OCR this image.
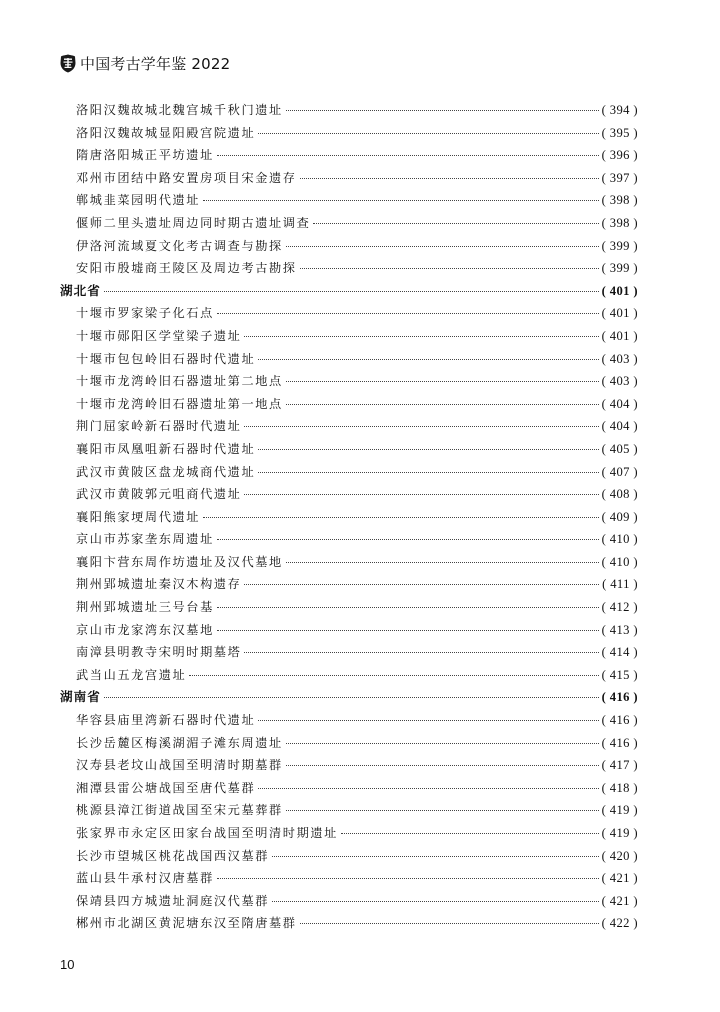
中国考古学年鉴 2022
洛阳汉魏故城北魏宫城千秋门遗址	( 394 )
洛阳汉魏故城显阳殿宫院遗址	( 395 )
隋唐洛阳城正平坊遗址	( 396 )
邓州市团结中路安置房项目宋金遗存	( 397 )
郸城韭菜园明代遗址	( 398 )
偃师二里头遗址周边同时期古遗址调查	( 398 )
伊洛河流域夏文化考古调查与勘探	( 399 )
安阳市殷墟商王陵区及周边考古勘探	( 399 )
湖北省	( 401 )
十堰市罗家梁子化石点	( 401 )
十堰市郧阳区学堂梁子遗址	( 401 )
十堰市包包岭旧石器时代遗址	( 403 )
十堰市龙湾岭旧石器遗址第二地点	( 403 )
十堰市龙湾岭旧石器遗址第一地点	( 404 )
荆门屈家岭新石器时代遗址	( 404 )
襄阳市凤凰咀新石器时代遗址	( 405 )
武汉市黄陂区盘龙城商代遗址	( 407 )
武汉市黄陂郭元咀商代遗址	( 408 )
襄阳熊家埂周代遗址	( 409 )
京山市苏家垄东周遗址	( 410 )
襄阳卞营东周作坊遗址及汉代墓地	( 410 )
荆州郢城遗址秦汉木构遗存	( 411 )
荆州郢城遗址三号台基	( 412 )
京山市龙家湾东汉墓地	( 413 )
南漳县明教寺宋明时期墓塔	( 414 )
武当山五龙宫遗址	( 415 )
湖南省	( 416 )
华容县庙里湾新石器时代遗址	( 416 )
长沙岳麓区梅溪湖湄子滩东周遗址	( 416 )
汉寿县老坟山战国至明清时期墓群	( 417 )
湘潭县雷公塘战国至唐代墓群	( 418 )
桃源县漳江街道战国至宋元墓葬群	( 419 )
张家界市永定区田家台战国至明清时期遗址	( 419 )
长沙市望城区桃花战国西汉墓群	( 420 )
蓝山县牛承村汉唐墓群	( 421 )
保靖县四方城遗址洞庭汉代墓群	( 421 )
郴州市北湖区黄泥塘东汉至隋唐墓群	( 422 )
10
